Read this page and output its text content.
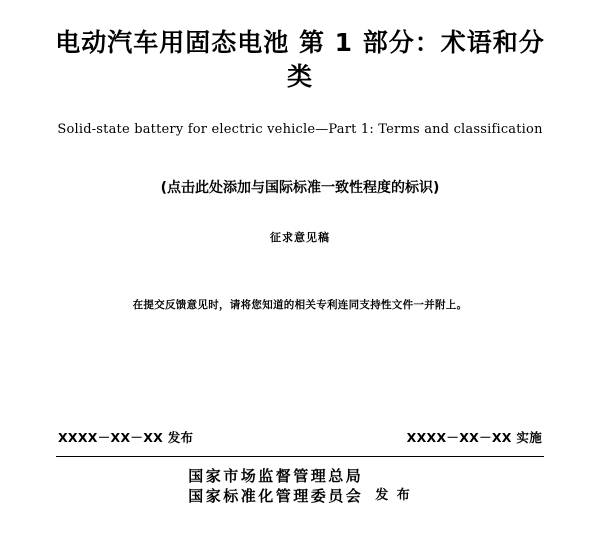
电动汽车用固态电池 第 1 部分：术语和分类

Solid-state battery for electric vehicle—Part 1: Terms and classification

(点击此处添加与国际标准一致性程度的标识)

征求意见稿

在提交反馈意见时，请将您知道的相关专利连同支持性文件一并附上。

XXXX－XX－XX 发布	XXXX－XX－XX 实施
国家市场监督管理总局
国家标准化管理委员会 发 布
